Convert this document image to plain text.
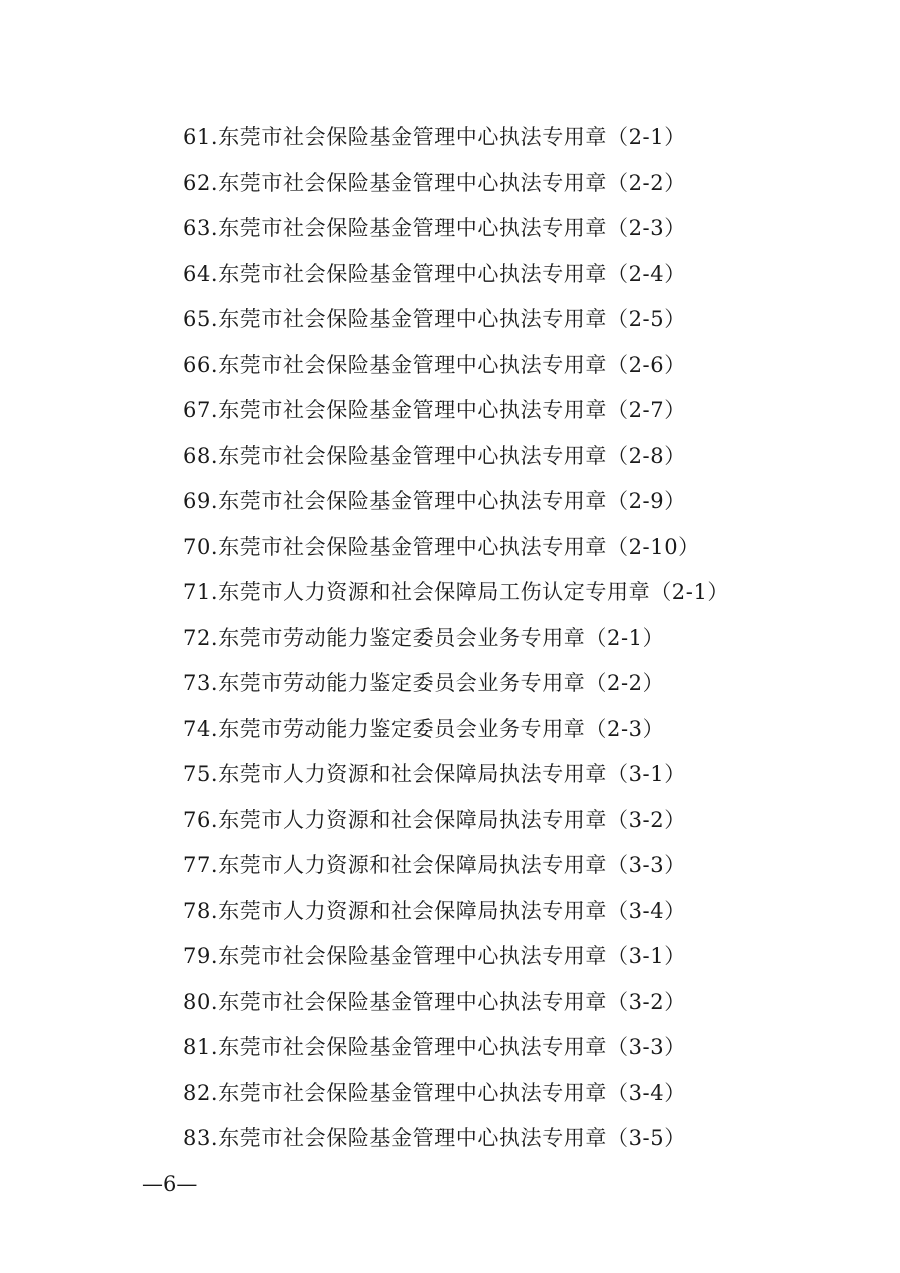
61.东莞市社会保险基金管理中心执法专用章（2-1）
62.东莞市社会保险基金管理中心执法专用章（2-2）
63.东莞市社会保险基金管理中心执法专用章（2-3）
64.东莞市社会保险基金管理中心执法专用章（2-4）
65.东莞市社会保险基金管理中心执法专用章（2-5）
66.东莞市社会保险基金管理中心执法专用章（2-6）
67.东莞市社会保险基金管理中心执法专用章（2-7）
68.东莞市社会保险基金管理中心执法专用章（2-8）
69.东莞市社会保险基金管理中心执法专用章（2-9）
70.东莞市社会保险基金管理中心执法专用章（2-10）
71.东莞市人力资源和社会保障局工伤认定专用章（2-1）
72.东莞市劳动能力鉴定委员会业务专用章（2-1）
73.东莞市劳动能力鉴定委员会业务专用章（2-2）
74.东莞市劳动能力鉴定委员会业务专用章（2-3）
75.东莞市人力资源和社会保障局执法专用章（3-1）
76.东莞市人力资源和社会保障局执法专用章（3-2）
77.东莞市人力资源和社会保障局执法专用章（3-3）
78.东莞市人力资源和社会保障局执法专用章（3-4）
79.东莞市社会保险基金管理中心执法专用章（3-1）
80.东莞市社会保险基金管理中心执法专用章（3-2）
81.东莞市社会保险基金管理中心执法专用章（3-3）
82.东莞市社会保险基金管理中心执法专用章（3-4）
83.东莞市社会保险基金管理中心执法专用章（3-5）
—6—
